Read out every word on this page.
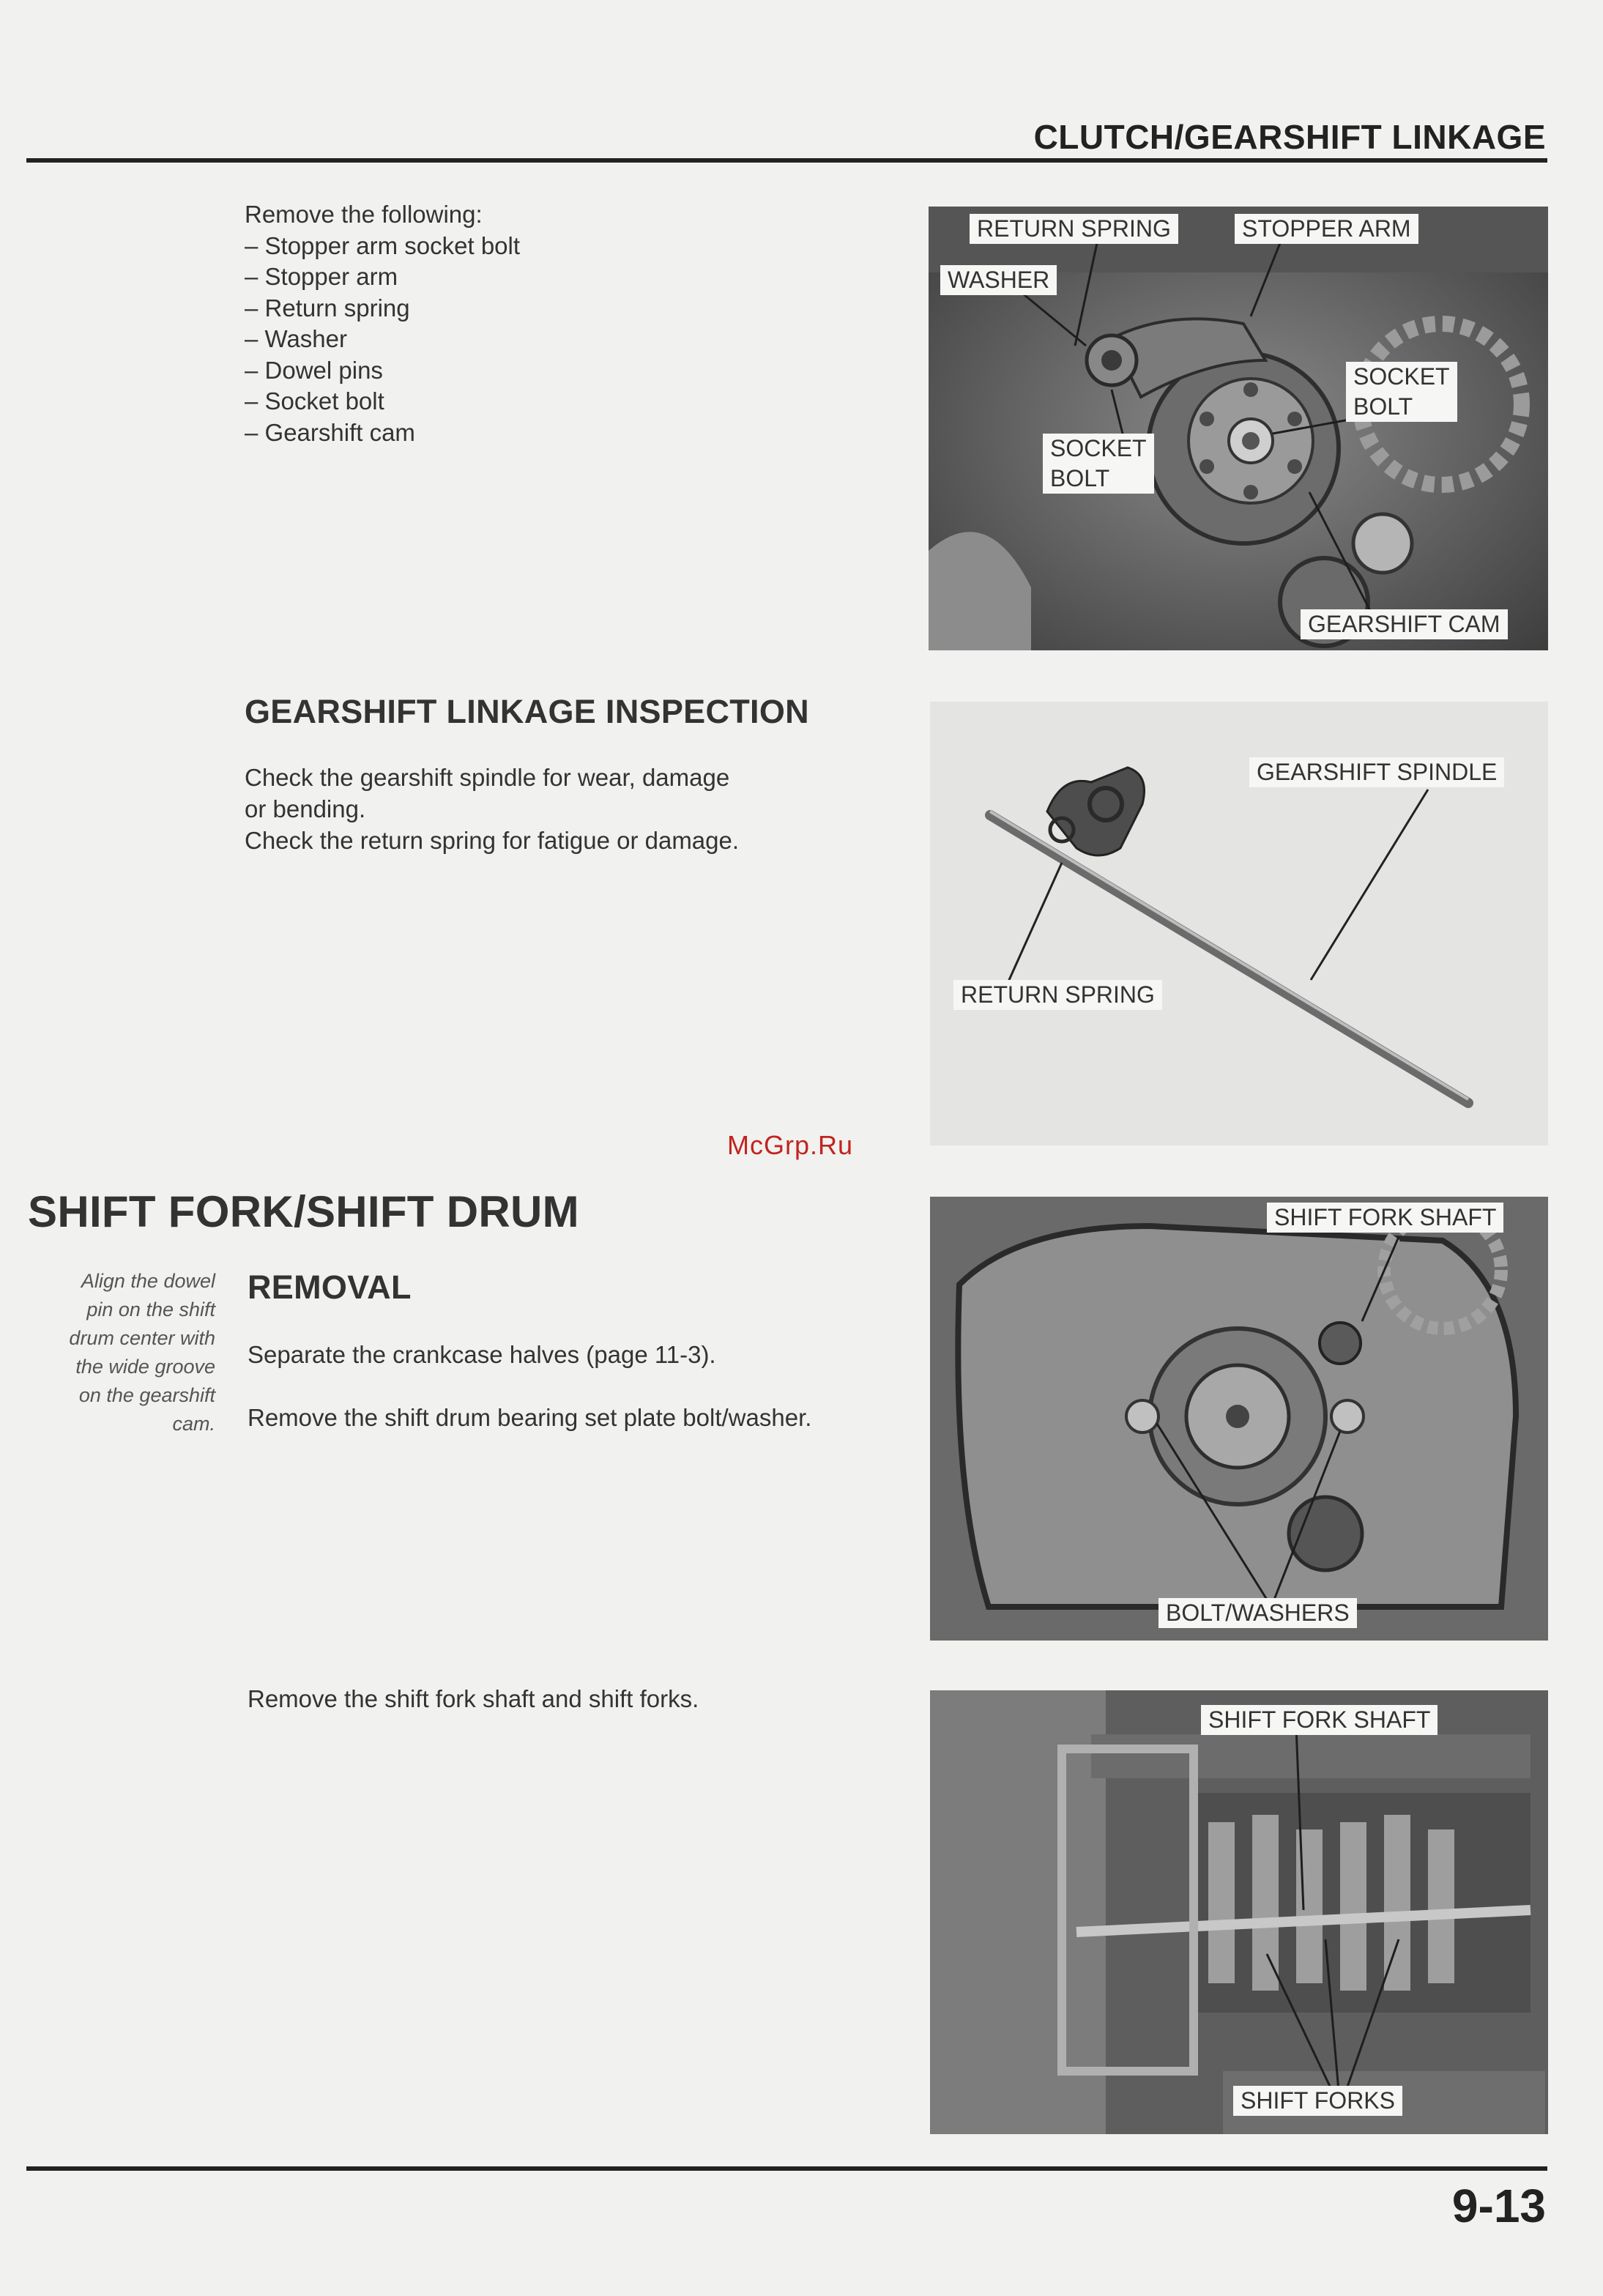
CLUTCH/GEARSHIFT LINKAGE
Remove the following:
– Stopper arm socket bolt
– Stopper arm
– Return spring
– Washer
– Dowel pins
– Socket bolt
– Gearshift cam
RETURN SPRING	STOPPER ARM
WASHER
SOCKET
BOLT
SOCKET
BOLT
GEARSHIFT CAM
GEARSHIFT LINKAGE INSPECTION
Check the gearshift spindle for wear, damage
or bending.
Check the return spring for fatigue or damage.
GEARSHIFT SPINDLE
RETURN SPRING
McGrp.Ru
SHIFT FORK/SHIFT DRUM
Align the dowel
pin on the shift
drum center with
the wide groove
on the gearshift
cam.
REMOVAL
Separate the crankcase halves (page 11-3).
Remove the shift drum bearing set plate bolt/washer.
Remove the shift fork shaft and shift forks.
SHIFT FORK SHAFT
BOLT/WASHERS
SHIFT FORK SHAFT
SHIFT FORKS
9-13
